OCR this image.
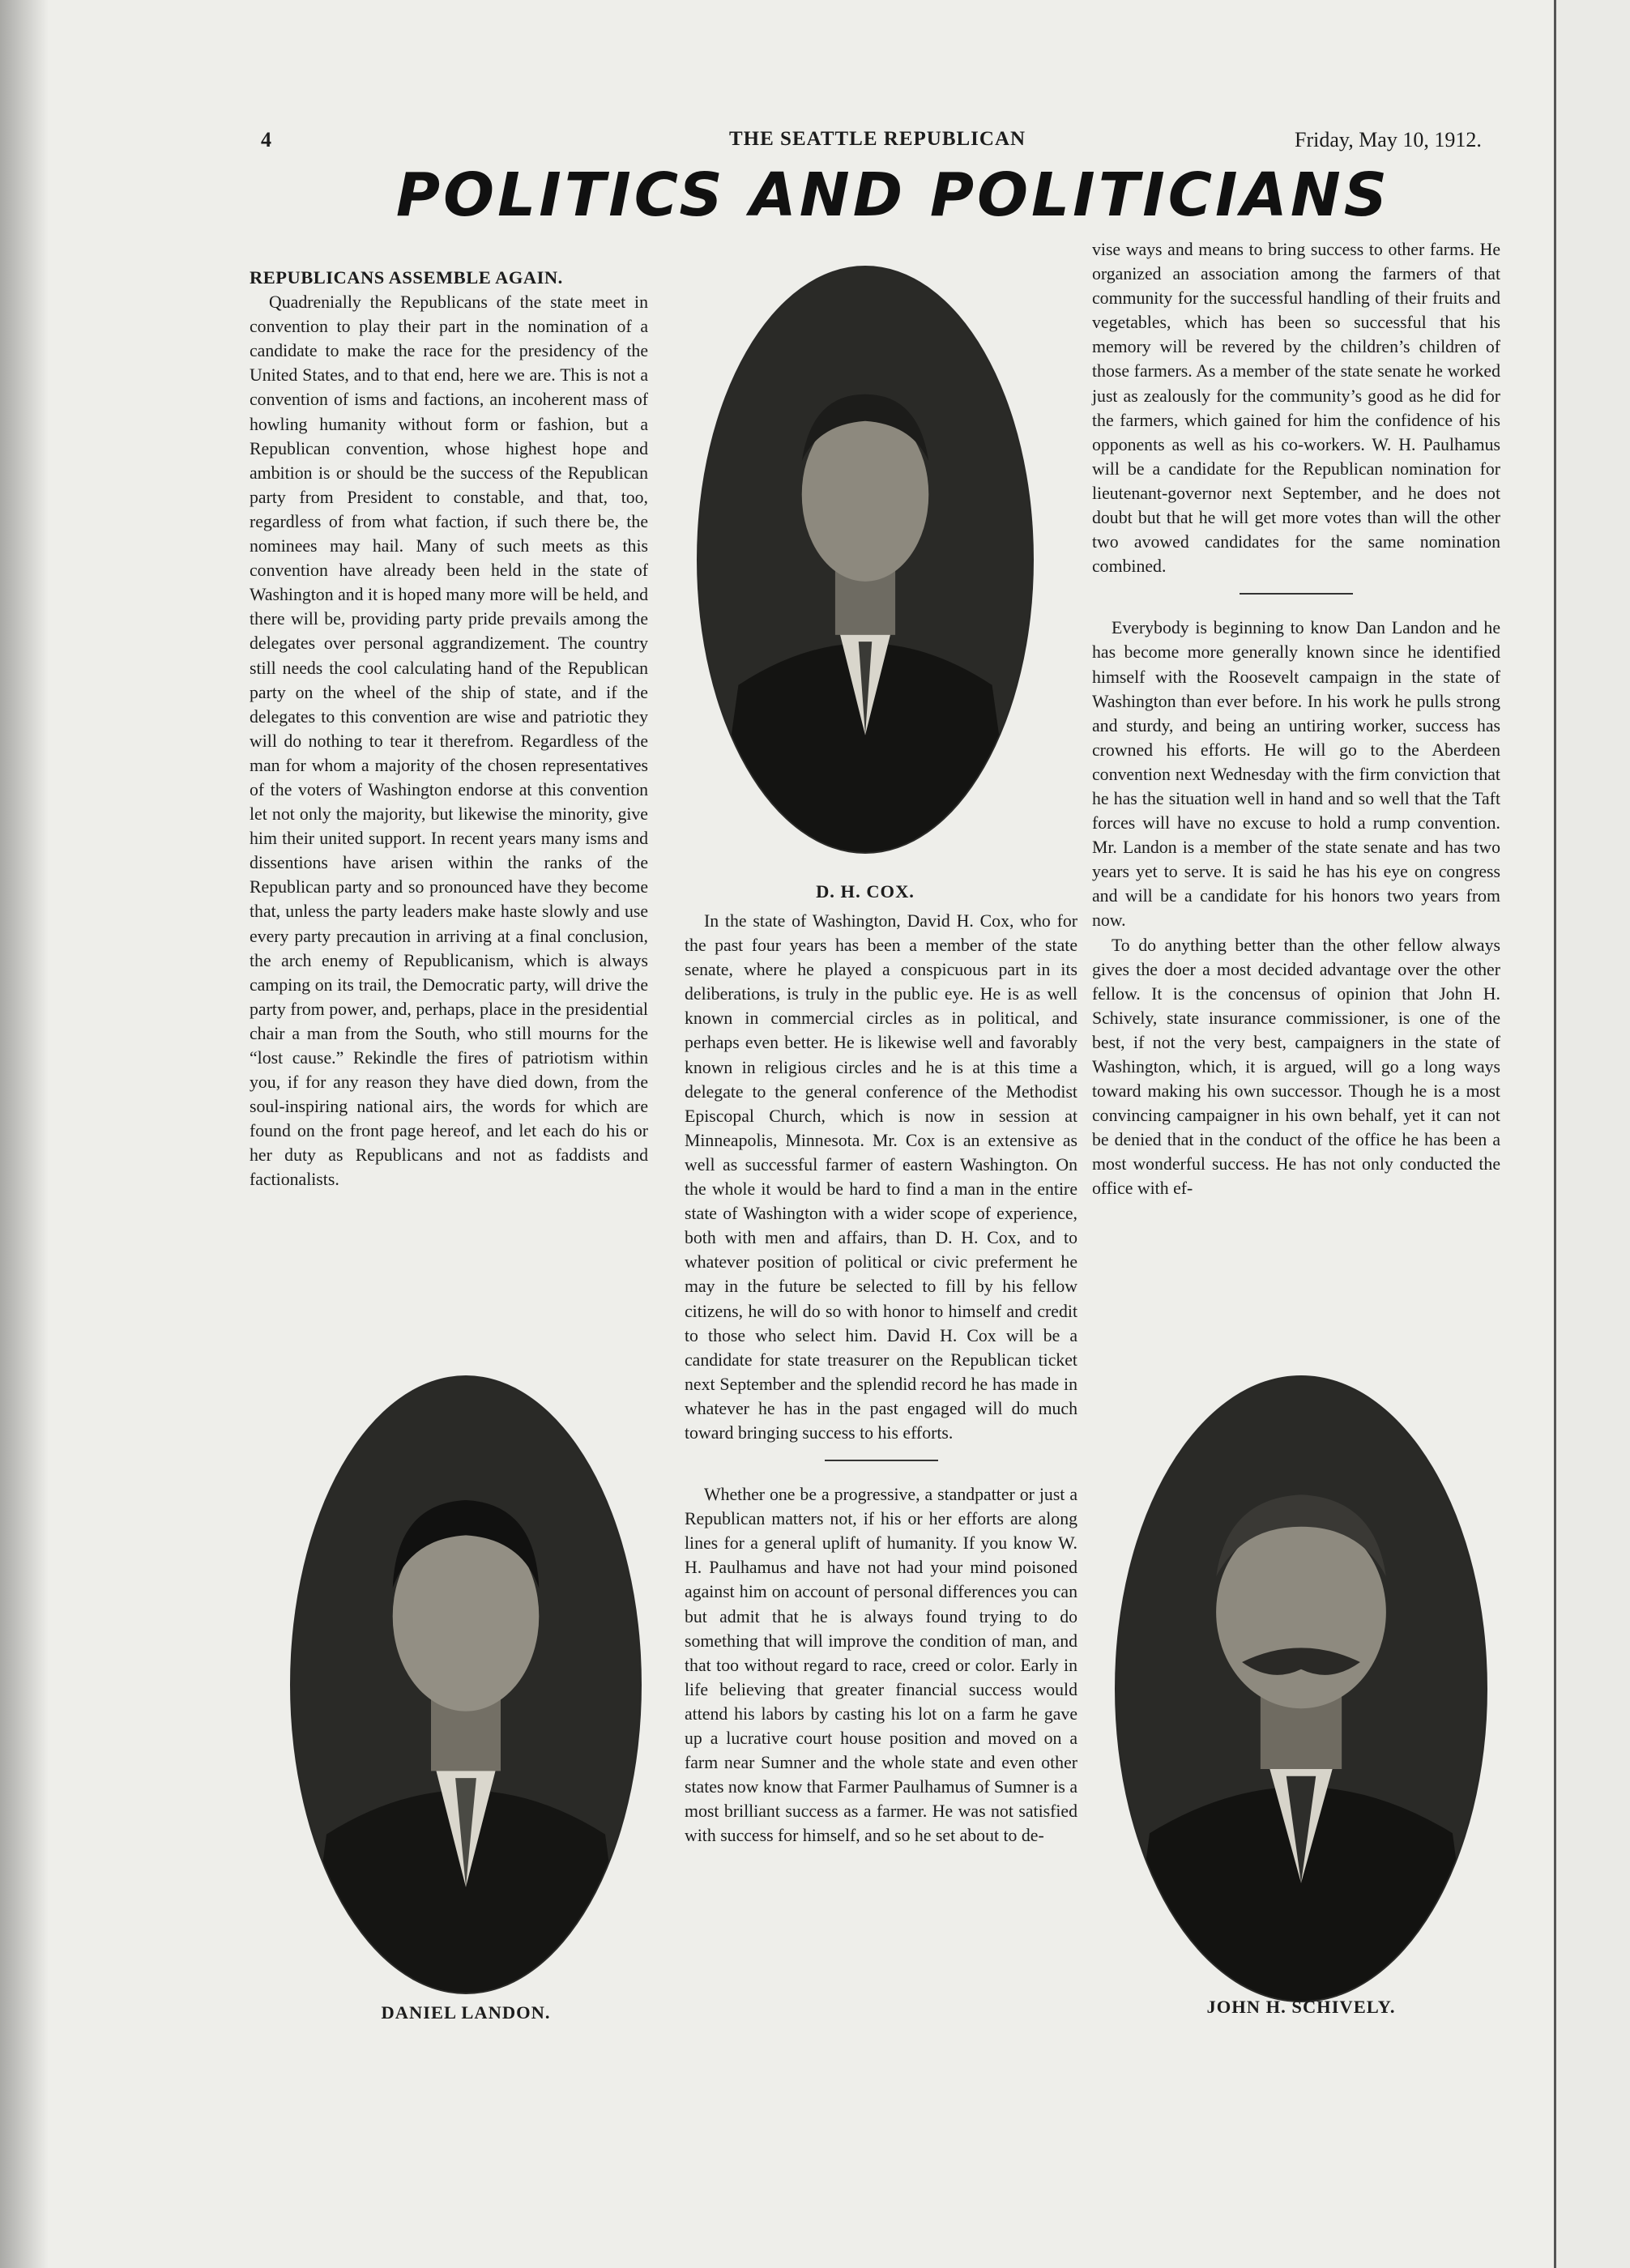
4	THE SEATTLE REPUBLICAN	Friday, May 10, 1912.
POLITICS AND POLITICIANS

REPUBLICANS ASSEMBLE AGAIN.

Quadrenially the Republicans of the state meet in convention to play their part in the nomination of a candidate to make the race for the presidency of the United States, and to that end, here we are. This is not a convention of isms and factions, an incoherent mass of howling humanity without form or fashion, but a Republican convention, whose highest hope and ambition is or should be the success of the Republican party from President to constable, and that, too, regardless of from what faction, if such there be, the nominees may hail. Many of such meets as this convention have already been held in the state of Washington and it is hoped many more will be held, and there will be, providing party pride prevails among the delegates over personal aggrandizement. The country still needs the cool calculating hand of the Republican party on the wheel of the ship of state, and if the delegates to this convention are wise and patriotic they will do nothing to tear it therefrom. Regardless of the man for whom a majority of the chosen representatives of the voters of Washington endorse at this convention let not only the majority, but likewise the minority, give him their united support. In recent years many isms and dissentions have arisen within the ranks of the Republican party and so pronounced have they become that, unless the party leaders make haste slowly and use every party precaution in arriving at a final conclusion, the arch enemy of Republicanism, which is always camping on its trail, the Democratic party, will drive the party from power, and, perhaps, place in the presidential chair a man from the South, who still mourns for the “lost cause.” Rekindle the fires of patriotism within you, if for any reason they have died down, from the soul-inspiring national airs, the words for which are found on the front page hereof, and let each do his or her duty as Republicans and not as faddists and factionalists.

In the state of Washington, David H. Cox, who for the past four years has been a member of the state senate, where he played a conspicuous part in its deliberations, is truly in the public eye. He is as well known in commercial circles as in political, and perhaps even better. He is likewise well and favorably known in religious circles and he is at this time a delegate to the general conference of the Methodist Episcopal Church, which is now in session at Minneapolis, Minnesota. Mr. Cox is an extensive as well as successful farmer of eastern Washington. On the whole it would be hard to find a man in the entire state of Washington with a wider scope of experience, both with men and affairs, than D. H. Cox, and to whatever position of political or civic preferment he may in the future be selected to fill by his fellow citizens, he will do so with honor to himself and credit to those who select him. David H. Cox will be a candidate for state treasurer on the Republican ticket next September and the splendid record he has made in whatever he has in the past engaged will do much toward bringing success to his efforts.

Whether one be a progressive, a standpatter or just a Republican matters not, if his or her efforts are along lines for a general uplift of humanity. If you know W. H. Paulhamus and have not had your mind poisoned against him on account of personal differences you can but admit that he is always found trying to do something that will improve the condition of man, and that too without regard to race, creed or color. Early in life believing that greater financial success would attend his labors by casting his lot on a farm he gave up a lucrative court house position and moved on a farm near Sumner and the whole state and even other states now know that Farmer Paulhamus of Sumner is a most brilliant success as a farmer. He was not satisfied with success for himself, and so he set about to de-

vise ways and means to bring success to other farms. He organized an association among the farmers of that community for the successful handling of their fruits and vegetables, which has been so successful that his memory will be revered by the children’s children of those farmers. As a member of the state senate he worked just as zealously for the community’s good as he did for the farmers, which gained for him the confidence of his opponents as well as his co-workers. W. H. Paulhamus will be a candidate for the Republican nomination for lieutenant-governor next September, and he does not doubt but that he will get more votes than will the other two avowed candidates for the same nomination combined.

Everybody is beginning to know Dan Landon and he has become more generally known since he identified himself with the Roosevelt campaign in the state of Washington than ever before. In his work he pulls strong and sturdy, and being an untiring worker, success has crowned his efforts. He will go to the Aberdeen convention next Wednesday with the firm conviction that he has the situation well in hand and so well that the Taft forces will have no excuse to hold a rump convention. Mr. Landon is a member of the state senate and has two years yet to serve. It is said he has his eye on congress and will be a candidate for his honors two years from now.

To do anything better than the other fellow always gives the doer a most decided advantage over the other fellow. It is the concensus of opinion that John H. Schively, state insurance commissioner, is one of the best, if not the very best, campaigners in the state of Washington, which, it is argued, will go a long ways toward making his own successor. Though he is a most convincing campaigner in his own behalf, yet it can not be denied that in the conduct of the office he has been a most wonderful success. He has not only conducted the office with ef-

D. H. COX.
DANIEL LANDON.	JOHN H. SCHIVELY.
